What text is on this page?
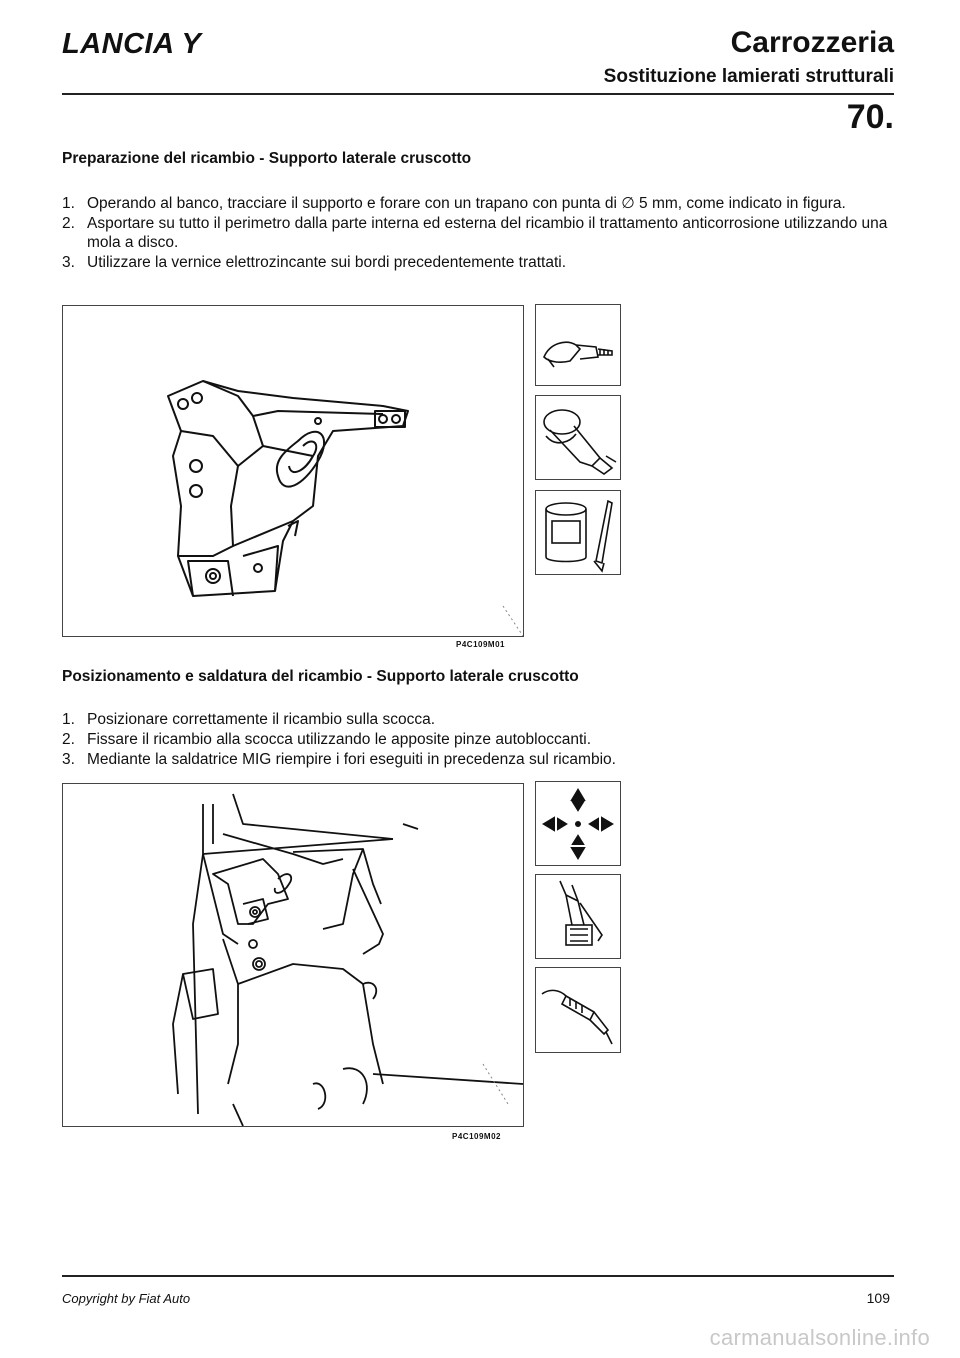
LANCIA Y	Carrozzeria
Sostituzione lamierati strutturali
70.
Preparazione del ricambio - Supporto laterale cruscotto
1. Operando al banco, tracciare il supporto e forare con un trapano con punta di ∅ 5 mm, come indicato in figura.
2. Asportare su tutto il perimetro dalla parte interna ed esterna del ricambio il trattamento anticorrosione utilizzando una mola a disco.
3. Utilizzare la vernice elettrozincante sui bordi precedentemente trattati.
P4C109M01
Posizionamento e saldatura del ricambio - Supporto laterale cruscotto
1. Posizionare correttamente il ricambio sulla scocca.
2. Fissare il ricambio alla scocca utilizzando le apposite pinze autobloccanti.
3. Mediante la saldatrice MIG riempire i fori eseguiti in precedenza sul ricambio.
P4C109M02
Copyright by Fiat Auto	109
carmanualsonline.info
